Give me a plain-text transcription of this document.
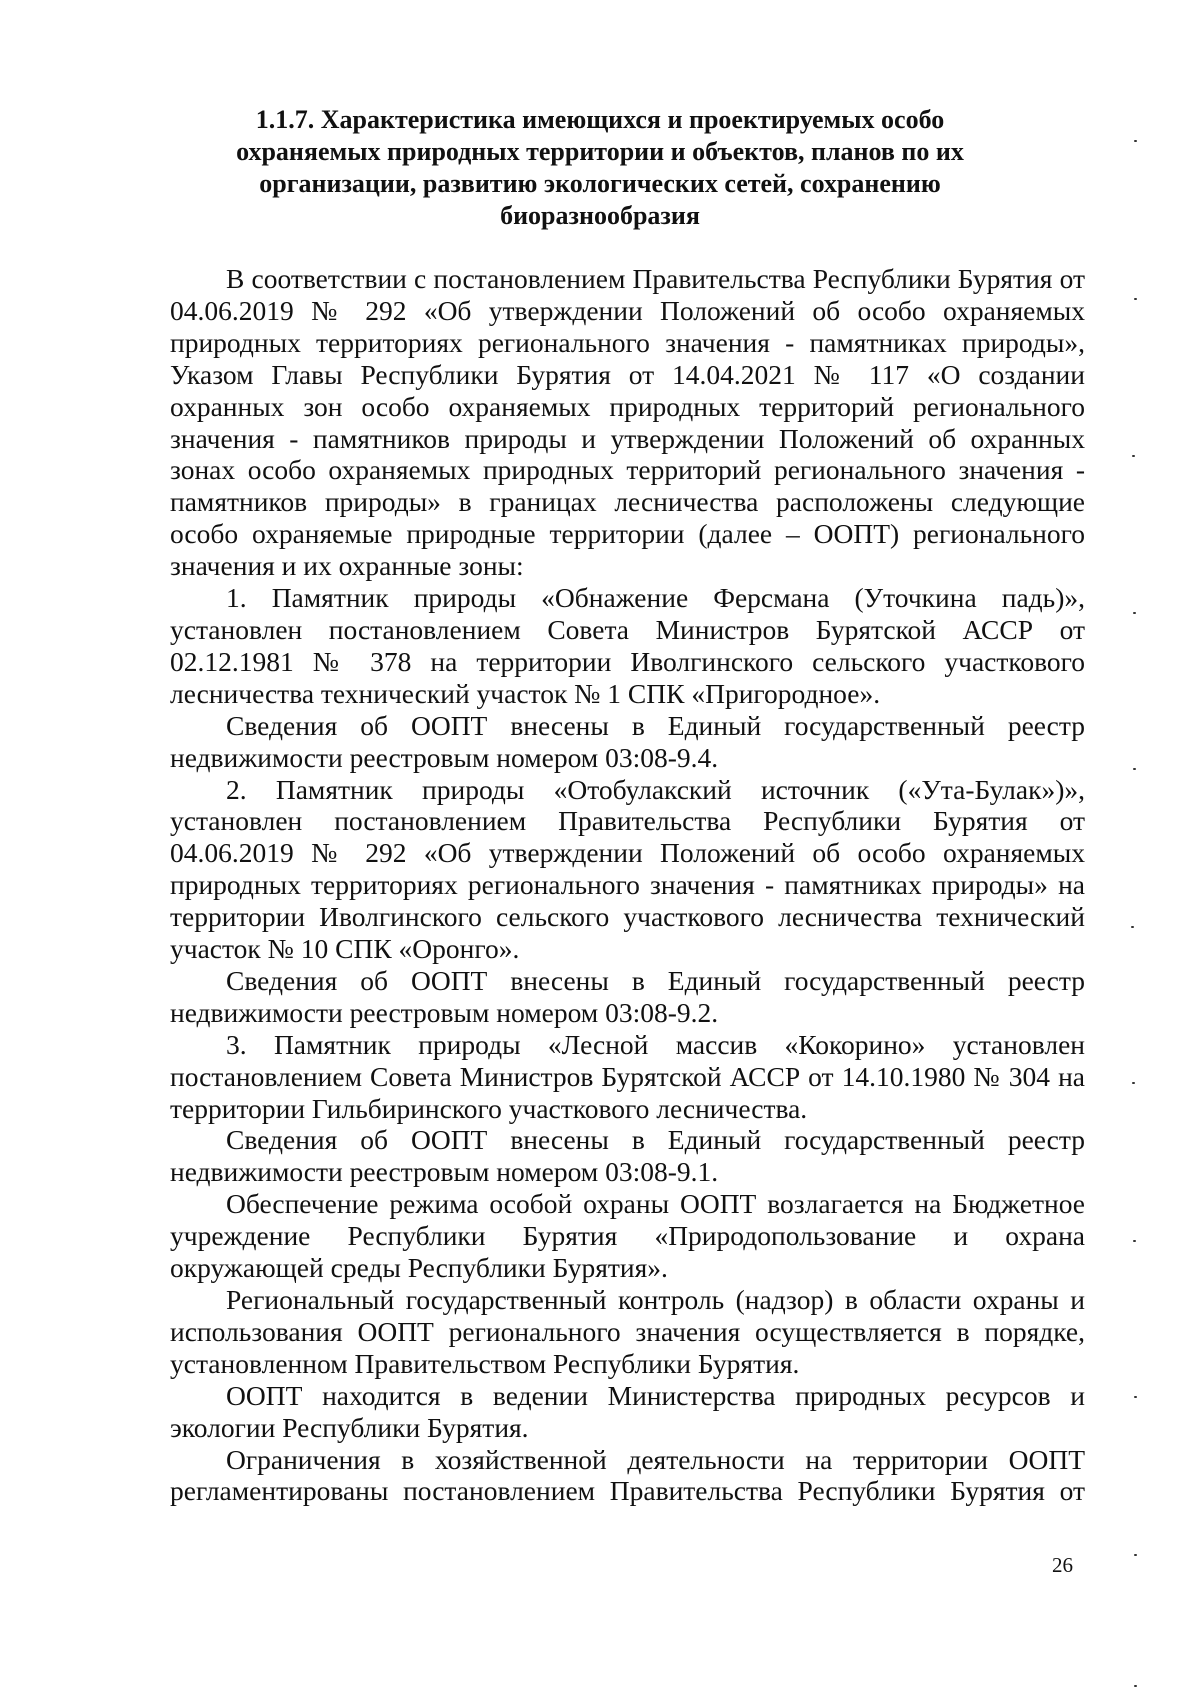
1.1.7. Характеристика имеющихся и проектируемых особо
охраняемых природных территории и объектов, планов по их
организации, развитию экологических сетей, сохранению
биоразнообразия

В соответствии с постановлением Правительства Республики Бурятия от 04.06.2019 № 292 «Об утверждении Положений об особо охраняемых природных территориях регионального значения - памятниках природы», Указом Главы Республики Бурятия от 14.04.2021 № 117 «О создании охранных зон особо охраняемых природных территорий регионального значения - памятников природы и утверждении Положений об охранных зонах особо охраняемых природных территорий регионального значения - памятников природы» в границах лесничества расположены следующие особо охраняемые природные территории (далее – ООПТ) регионального значения и их охранные зоны:

1. Памятник природы «Обнажение Ферсмана (Уточкина падь)», установлен постановлением Совета Министров Бурятской АССР от 02.12.1981 № 378 на территории Иволгинского сельского участкового лесничества технический участок № 1 СПК «Пригородное».

Сведения об ООПТ внесены в Единый государственный реестр недвижимости реестровым номером 03:08-9.4.

2. Памятник природы «Отобулакский источник («Ута-Булак»)», установлен постановлением Правительства Республики Бурятия от 04.06.2019 № 292 «Об утверждении Положений об особо охраняемых природных территориях регионального значения - памятниках природы» на территории Иволгинского сельского участкового лесничества технический участок № 10 СПК «Оронго».

Сведения об ООПТ внесены в Единый государственный реестр недвижимости реестровым номером 03:08-9.2.

3. Памятник природы «Лесной массив «Кокорино» установлен постановлением Совета Министров Бурятской АССР от 14.10.1980 № 304 на территории Гильбиринского участкового лесничества.

Сведения об ООПТ внесены в Единый государственный реестр недвижимости реестровым номером 03:08-9.1.

Обеспечение режима особой охраны ООПТ возлагается на Бюджетное учреждение Республики Бурятия «Природопользование и охрана окружающей среды Республики Бурятия».

Региональный государственный контроль (надзор) в области охраны и использования ООПТ регионального значения осуществляется в порядке, установленном Правительством Республики Бурятия.

ООПТ находится в ведении Министерства природных ресурсов и экологии Республики Бурятия.

Ограничения в хозяйственной деятельности на территории ООПТ регламентированы постановлением Правительства Республики Бурятия от

26
